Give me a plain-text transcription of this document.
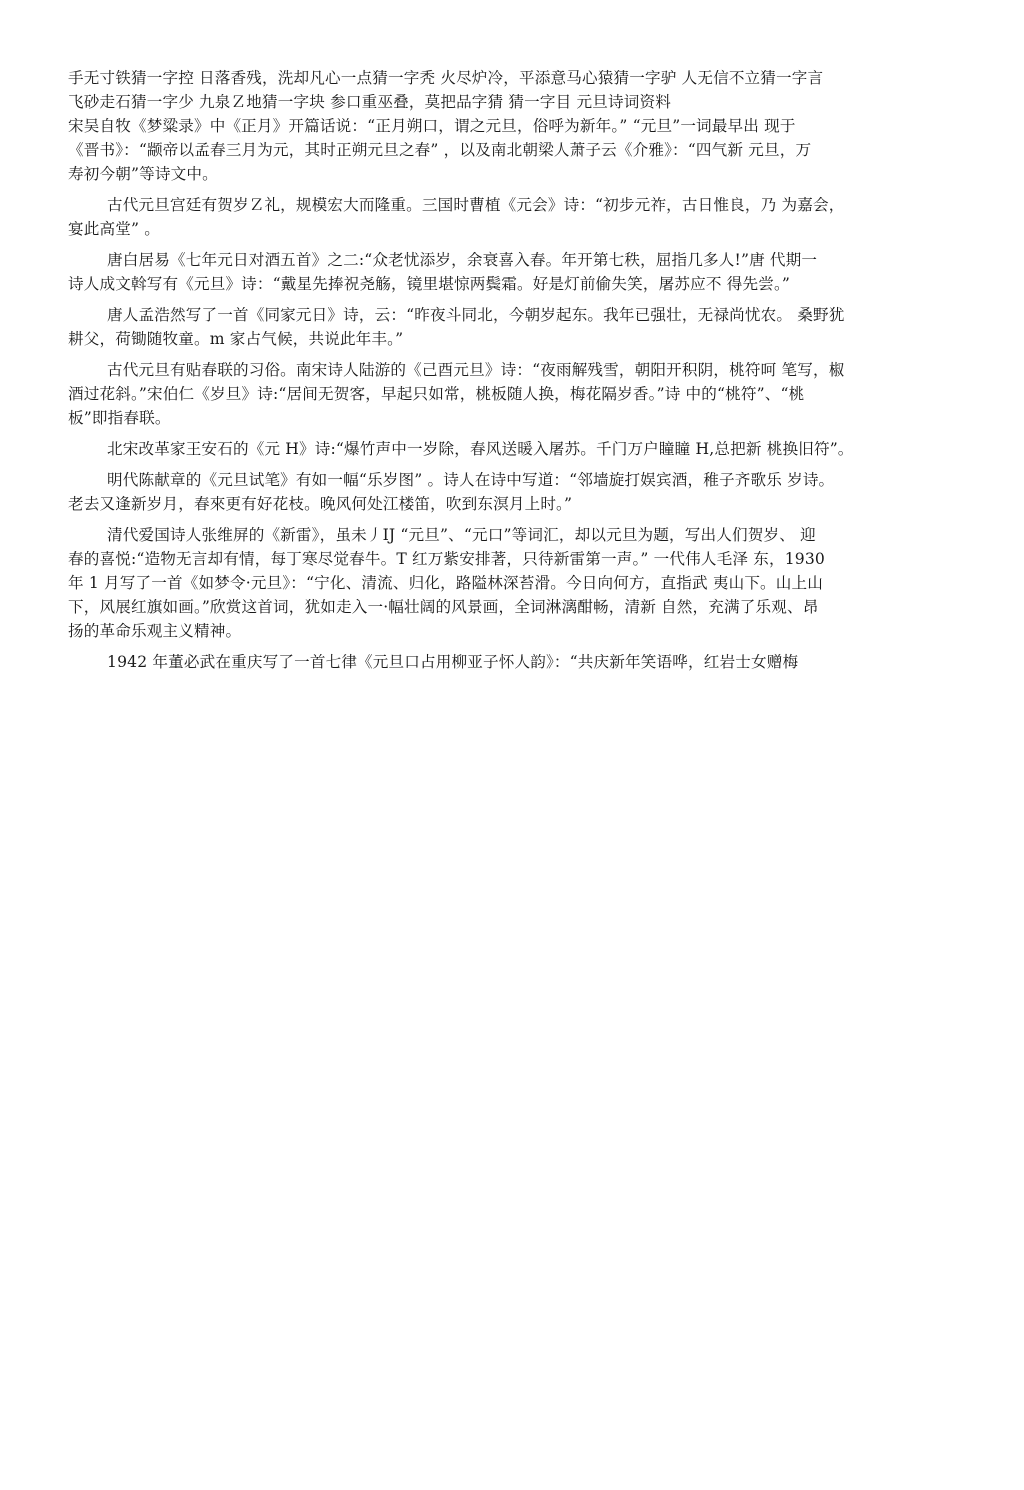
手无寸铁猜一字控 日落香残，洗却凡心一点猜一字秃 火尽炉冷，平添意马心猿猜一字驴 人无信不立猜一字言
飞砂走石猜一字少 九泉Ｚ地猜一字块 参口重巫叠，莫把品字猜 猜一字目 元旦诗词资料
宋吴自牧《梦粱录》中《正月》开篇话说：“正月朔口，谓之元旦，俗呼为新年。” “元旦”一词最早出 现于
《晋书》：“颛帝以孟春三月为元，其时正朔元旦之春” ，以及南北朝梁人萧子云《介雅》：“四气新 元旦，万
寿初今朝”等诗文中。
古代元旦宫廷有贺岁Ｚ礼，规模宏大而隆重。三国时曹植《元会》诗：“初步元祚，古日惟良，乃 为嘉会，
宴此高堂” 。
唐白居易《七年元日对酒五首》之二:“众老忧添岁，余衰喜入春。年开第七秩，屈指几多人!”唐 代期一
诗人成文斡写有《元旦》诗：“戴星先捧祝尧觞，镜里堪惊两鬓霜。好是灯前偷失笑，屠苏应不 得先尝。”
唐人孟浩然写了一首《同家元日》诗，云：“昨夜斗同北，今朝岁起东。我年已强壮，无禄尚忧农。 桑野犹
耕父，荷锄随牧童。m 家占气候，共说此年丰。”
古代元旦有贴春联的习俗。南宋诗人陆游的《己酉元旦》诗：“夜雨解残雪，朝阳开积阴，桃符呵 笔写，椒
酒过花斜。”宋伯仁《岁旦》诗:“居间无贺客，早起只如常，桃板随人换，梅花隔岁香。”诗 中的“桃符”、“桃
板”即指春联。
北宋改革家王安石的《元 H》诗:“爆竹声中一岁除，春风送暖入屠苏。千门万户瞳瞳 H,总把新 桃换旧符”。
明代陈献章的《元旦试笔》有如一幅“乐岁图” 。诗人在诗中写道：“邻墙旋打娱宾酒，稚子齐歌乐 岁诗。
老去又逢新岁月，春來更有好花枝。晚风何处江楼笛，吹到东溟月上时。”
清代爱国诗人张维屏的《新雷》，虽未丿IJ “元旦”、“元口”等词汇，却以元旦为题，写出人们贺岁、 迎
春的喜悦:“造物无言却有情，每丁寒尽觉春牛。T 红万紫安排著，只待新雷第一声。” 一代伟人毛泽 东，1930
年 1 月写了一首《如梦令·元旦》：“宁化、清流、归化，路隘林深苔滑。今日向何方，直指武 夷山下。山上山
下，风展红旗如画。”欣赏这首词，犹如走入一·幅壮阔的风景画，全词淋漓酣畅，清新 自然，充满了乐观、昂
扬的革命乐观主义精神。
1942 年董必武在重庆写了一首七律《元旦口占用柳亚子怀人韵》：“共庆新年笑语哗，红岩士女赠梅
